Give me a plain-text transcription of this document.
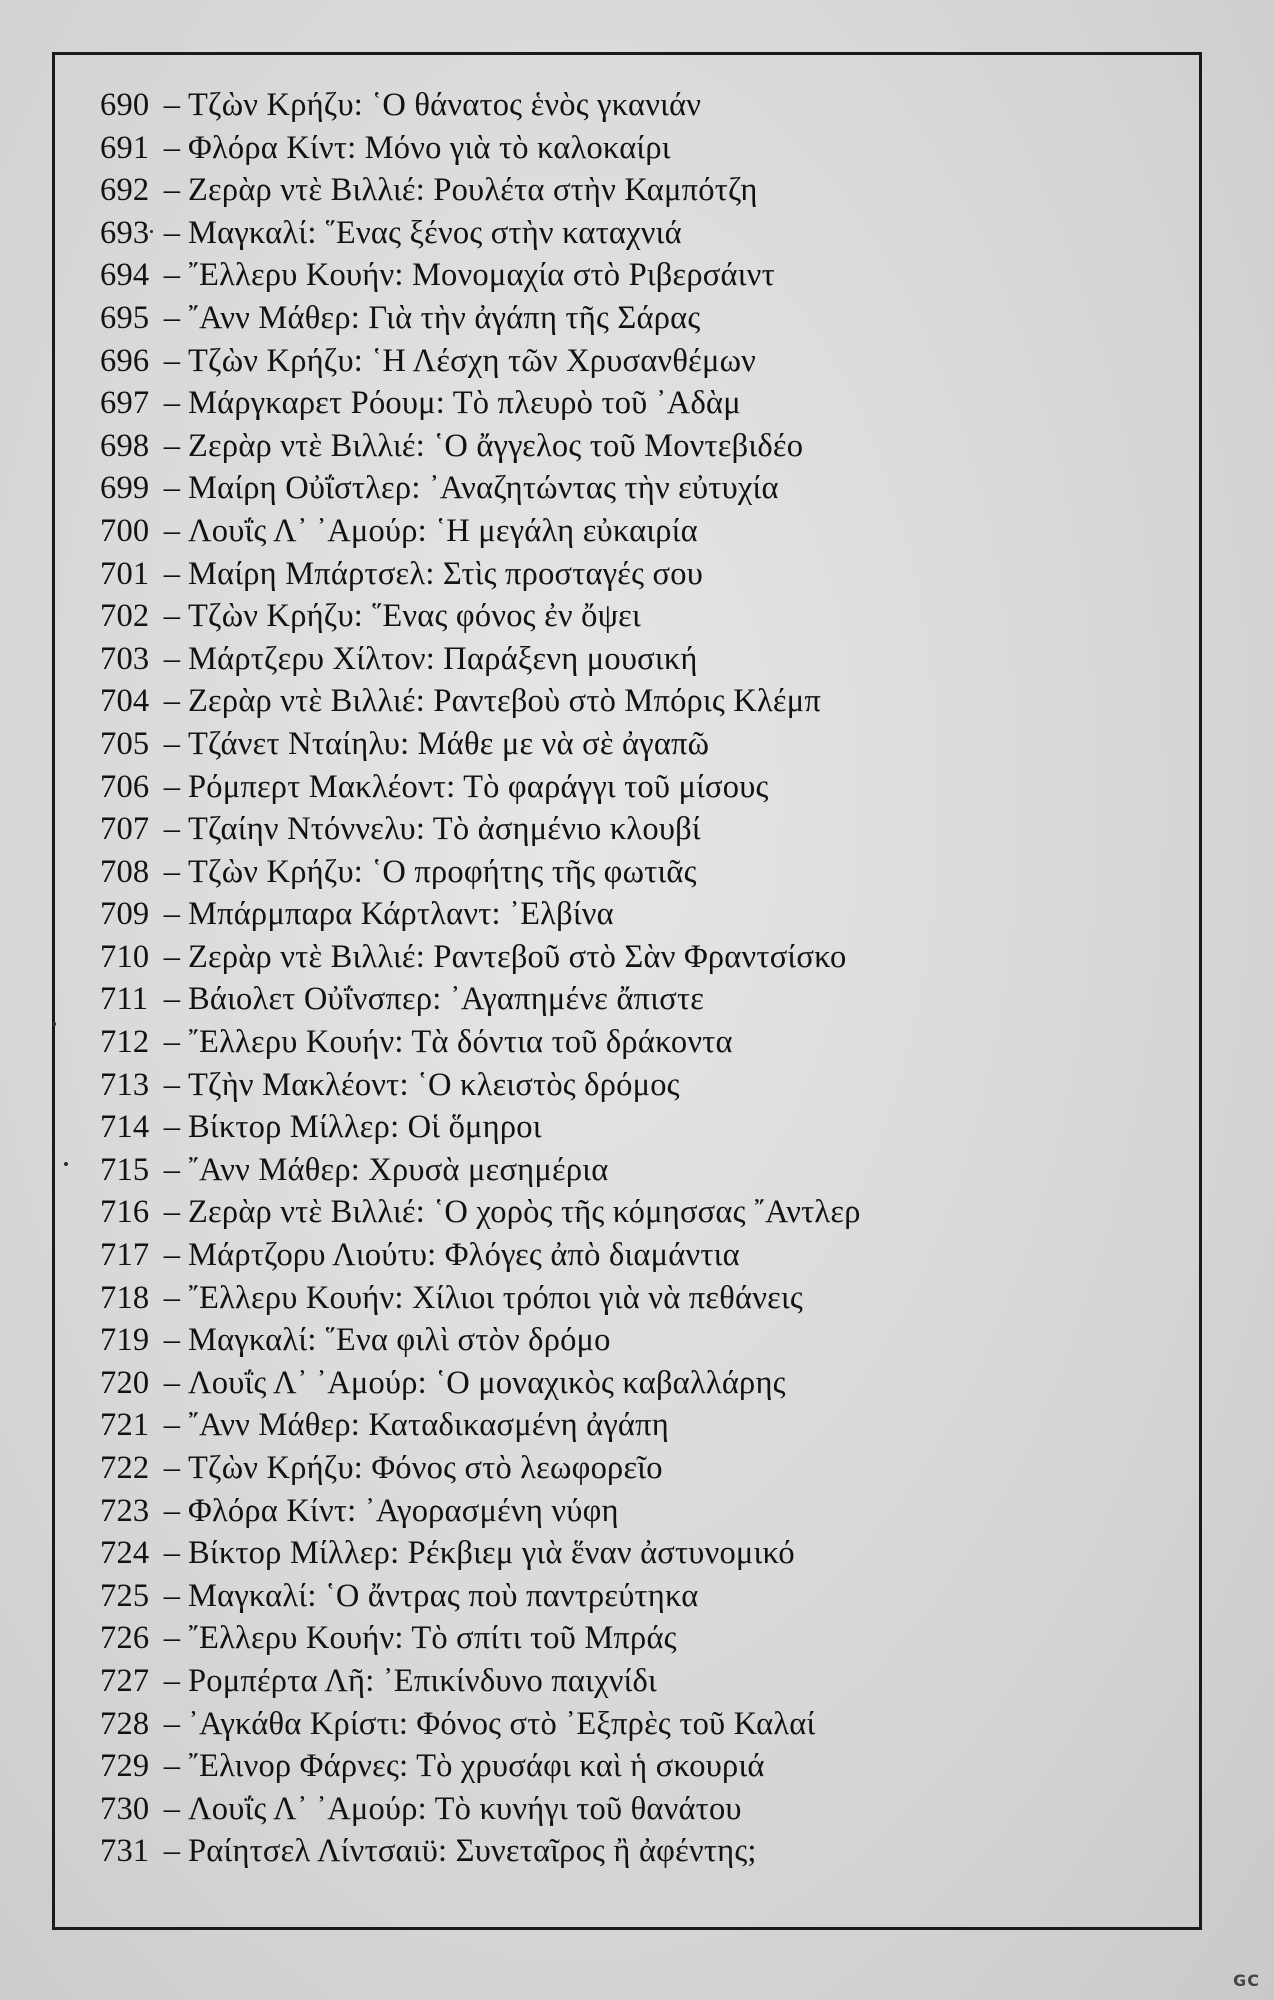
690 – Τζὼν Κρήζυ: ῾Ο θάνατος ἑνὸς γκανιάν
691 – Φλόρα Κίντ: Μόνο γιὰ τὸ καλοκαίρι
692 – Ζερὰρ ντὲ Βιλλιέ: Ρουλέτα στὴν Καμπότζη
693 – Μαγκαλί: ῞Ενας ξένος στὴν καταχνιά
694 – ῎Ελλερυ Κουήν: Μονομαχία στὸ Ριβερσάιντ
695 – ῎Ανν Μάθερ: Γιὰ τὴν ἀγάπη τῆς Σάρας
696 – Τζὼν Κρήζυ: ῾Η Λέσχη τῶν Χρυσανθέμων
697 – Μάργκαρετ Ρόουμ: Τὸ πλευρὸ τοῦ ᾿Αδὰμ
698 – Ζερὰρ ντὲ Βιλλιέ: ῾Ο ἄγγελος τοῦ Μοντεβιδέο
699 – Μαίρη Οὐΐστλερ: ᾿Αναζητώντας τὴν εὐτυχία
700 – Λουΐς Λ᾿ ᾿Αμούρ: ῾Η μεγάλη εὐκαιρία
701 – Μαίρη Μπάρτσελ: Στὶς προσταγές σου
702 – Τζὼν Κρήζυ: ῞Ενας φόνος ἐν ὄψει
703 – Μάρτζερυ Χίλτον: Παράξενη μουσική
704 – Ζερὰρ ντὲ Βιλλιέ: Ραντεβοὺ στὸ Μπόρις Κλέμπ
705 – Τζάνετ Νταίηλυ: Μάθε με νὰ σὲ ἀγαπῶ
706 – Ρόμπερτ Μακλέοντ: Τὸ φαράγγι τοῦ μίσους
707 – Τζαίην Ντόννελυ: Τὸ ἀσημένιο κλουβί
708 – Τζὼν Κρήζυ: ῾Ο προφήτης τῆς φωτιᾶς
709 – Μπάρμπαρα Κάρτλαντ: ᾿Ελβίνα
710 – Ζερὰρ ντὲ Βιλλιέ: Ραντεβοῦ στὸ Σὰν Φραντσίσκο
711 – Βάιολετ Οὐΐνσπερ: ᾿Αγαπημένε ἄπιστε
712 – ῎Ελλερυ Κουήν: Τὰ δόντια τοῦ δράκοντα
713 – Τζὴν Μακλέοντ: ῾Ο κλειστὸς δρόμος
714 – Βίκτορ Μίλλερ: Οἱ ὅμηροι
715 – ῎Ανν Μάθερ: Χρυσὰ μεσημέρια
716 – Ζερὰρ ντὲ Βιλλιέ: ῾Ο χορὸς τῆς κόμησσας ῎Αντλερ
717 – Μάρτζορυ Λιούτυ: Φλόγες ἀπὸ διαμάντια
718 – ῎Ελλερυ Κουήν: Χίλιοι τρόποι γιὰ νὰ πεθάνεις
719 – Μαγκαλί: ῞Ενα φιλὶ στὸν δρόμο
720 – Λουΐς Λ᾿ ᾿Αμούρ: ῾Ο μοναχικὸς καβαλλάρης
721 – ῎Ανν Μάθερ: Καταδικασμένη ἀγάπη
722 – Τζὼν Κρήζυ: Φόνος στὸ λεωφορεῖο
723 – Φλόρα Κίντ: ᾿Αγορασμένη νύφη
724 – Βίκτορ Μίλλερ: Ρέκβιεμ γιὰ ἕναν ἀστυνομικό
725 – Μαγκαλί: ῾Ο ἄντρας ποὺ παντρεύτηκα
726 – ῎Ελλερυ Κουήν: Τὸ σπίτι τοῦ Μπράς
727 – Ρομπέρτα Λῆ: ᾿Επικίνδυνο παιχνίδι
728 – ᾿Αγκάθα Κρίστι: Φόνος στὸ ᾿Εξπρὲς τοῦ Καλαί
729 – ῎Ελινορ Φάρνες: Τὸ χρυσάφι καὶ ἡ σκουριά
730 – Λουΐς Λ᾿ ᾿Αμούρ: Τὸ κυνήγι τοῦ θανάτου
731 – Ραίητσελ Λίντσαιϋ: Συνεταῖρος ἢ ἀφέντης;
GC
